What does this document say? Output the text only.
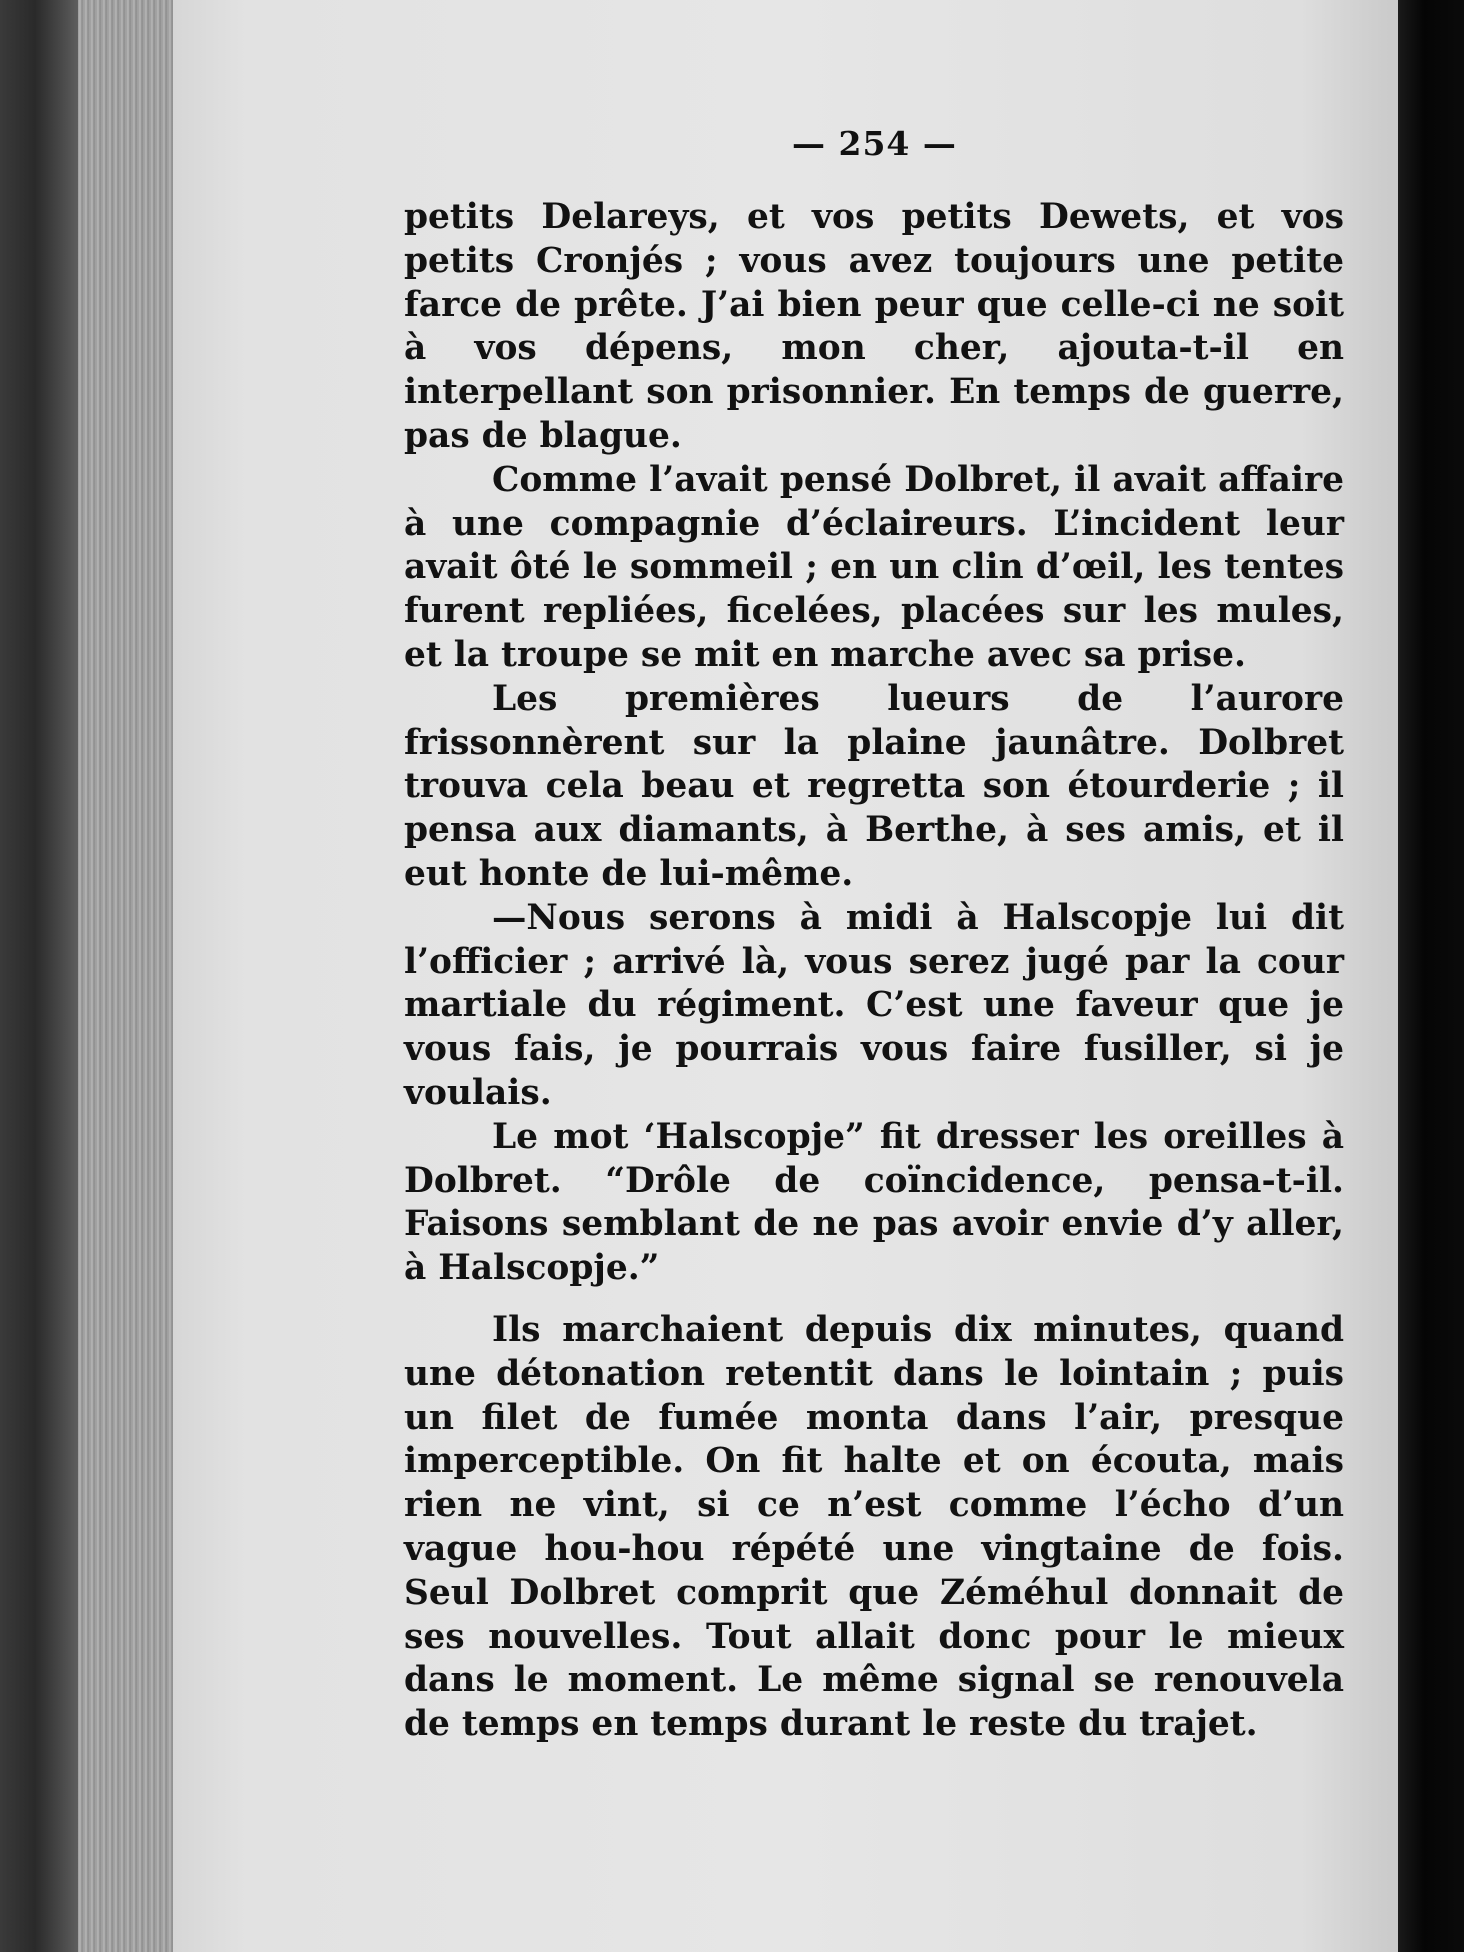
— 254 —

petits Delareys, et vos petits Dewets, et vos petits Cronjés ; vous avez toujours une petite farce de prête. J’ai bien peur que celle-ci ne soit à vos dépens, mon cher, ajouta-t-il en interpellant son prisonnier. En temps de guerre, pas de blague.

Comme l’avait pensé Dolbret, il avait affaire à une compagnie d’éclaireurs. L’incident leur avait ôté le sommeil ; en un clin d’œil, les tentes furent repliées, ficelées, placées sur les mules, et la troupe se mit en marche avec sa prise.

Les premières lueurs de l’aurore frissonnèrent sur la plaine jaunâtre. Dolbret trouva cela beau et regretta son étourderie ; il pensa aux diamants, à Berthe, à ses amis, et il eut honte de lui-même.

—Nous serons à midi à Halscopje lui dit l’officier ; arrivé là, vous serez jugé par la cour martiale du régiment. C’est une faveur que je vous fais, je pourrais vous faire fusiller, si je voulais.

Le mot ‘Halscopje” fit dresser les oreilles à Dolbret. “Drôle de coïncidence, pensa-t-il. Faisons semblant de ne pas avoir envie d’y aller, à Halscopje.”

Ils marchaient depuis dix minutes, quand une détonation retentit dans le lointain ; puis un filet de fumée monta dans l’air, presque imperceptible. On fit halte et on écouta, mais rien ne vint, si ce n’est comme l’écho d’un vague hou-hou répété une vingtaine de fois. Seul Dolbret comprit que Zéméhul donnait de ses nouvelles. Tout allait donc pour le mieux dans le moment. Le même signal se renouvela de temps en temps durant le reste du trajet.
